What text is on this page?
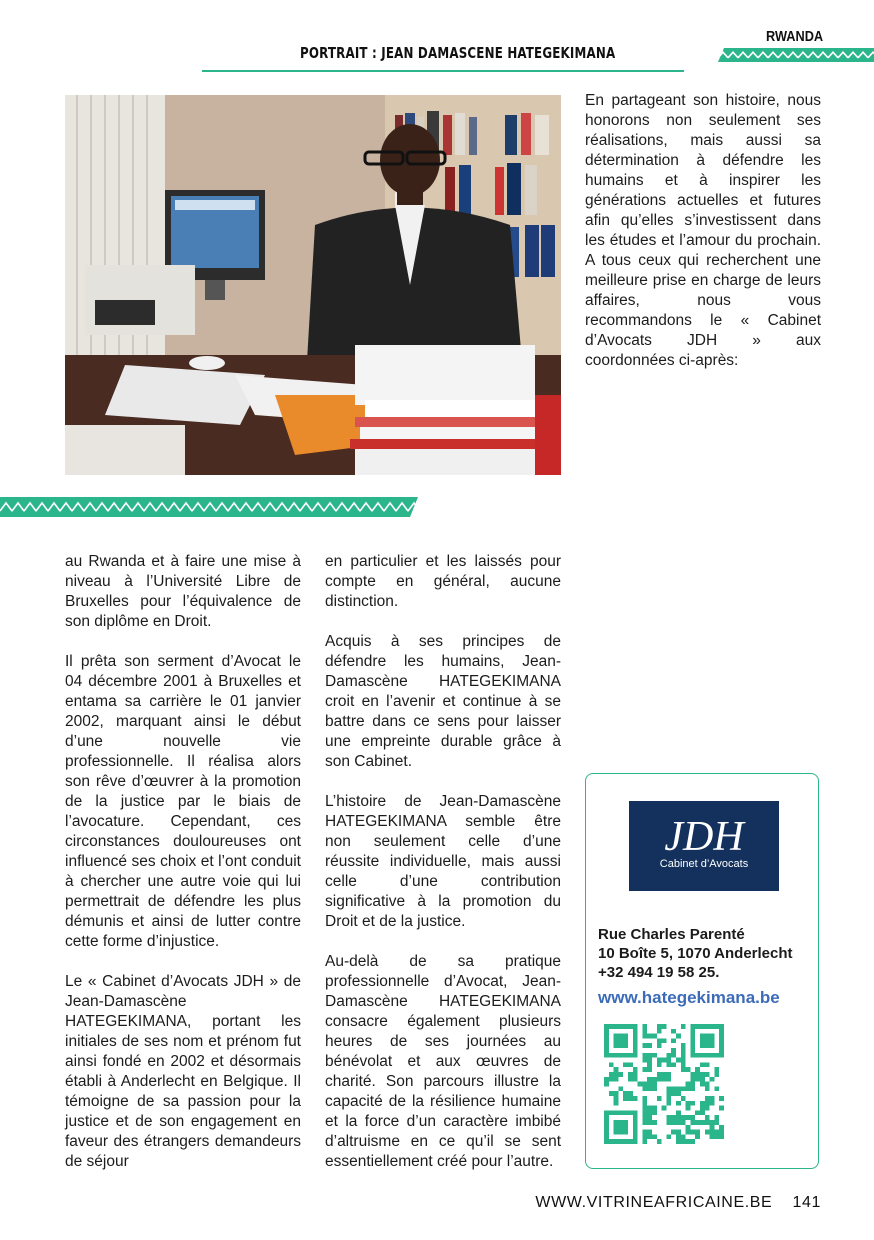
PORTRAIT : JEAN DAMASCENE HATEGEKIMANA
RWANDA

En partageant son histoire, nous honorons non seulement ses réalisations, mais aussi sa détermination à défendre les humains et à inspirer les générations actuelles et futures afin qu’elles s’investissent dans les études et l’amour du prochain. A tous ceux qui recherchent une meilleure prise en charge de leurs affaires, nous vous recommandons le « Cabinet d’Avocats JDH » aux coordonnées ci-après:

au Rwanda et à faire une mise à niveau à l’Université Libre de Bruxelles pour l’équivalence de son diplôme en Droit.

Il prêta son serment d’Avocat le 04 décembre 2001 à Bruxelles et entama sa carrière le 01 janvier 2002, marquant ainsi le début d’une nouvelle vie professionnelle. Il réalisa alors son rêve d’œuvrer à la promotion de la justice par le biais de l’avocature. Cependant, ces circonstances douloureuses ont influencé ses choix et l’ont conduit à chercher une autre voie qui lui permettrait de défendre les plus démunis et ainsi de lutter contre cette forme d’injustice.

Le « Cabinet d’Avocats JDH » de Jean-Damascène HATEGEKIMANA, portant les initiales de ses nom et prénom fut ainsi fondé en 2002 et désormais établi à Anderlecht en Belgique. Il témoigne de sa passion pour la justice et de son engagement en faveur des étrangers demandeurs de séjour

en particulier et les laissés pour compte en général, aucune distinction.

Acquis à ses principes de défendre les humains, Jean-Damascène HATEGEKIMANA croit en l’avenir et continue à se battre dans ce sens pour laisser une empreinte durable grâce à son Cabinet.

L’histoire de Jean-Damascène HATEGEKIMANA semble être non seulement celle d’une réussite individuelle, mais aussi celle d’une contribution significative à la promotion du Droit et de la justice.

Au-delà de sa pratique professionnelle d’Avocat, Jean-Damascène HATEGEKIMANA consacre également plusieurs heures de ses journées au bénévolat et aux œuvres de charité. Son parcours illustre la capacité de la résilience humaine et la force d’un caractère imbibé d’altruisme en ce qu’il se sent essentiellement créé pour l’autre.

JDH
Cabinet d’Avocats
Rue Charles Parenté
10 Boîte 5, 1070 Anderlecht
+32 494 19 58 25.
www.hategekimana.be
WWW.VITRINEAFRICAINE.BE 141
